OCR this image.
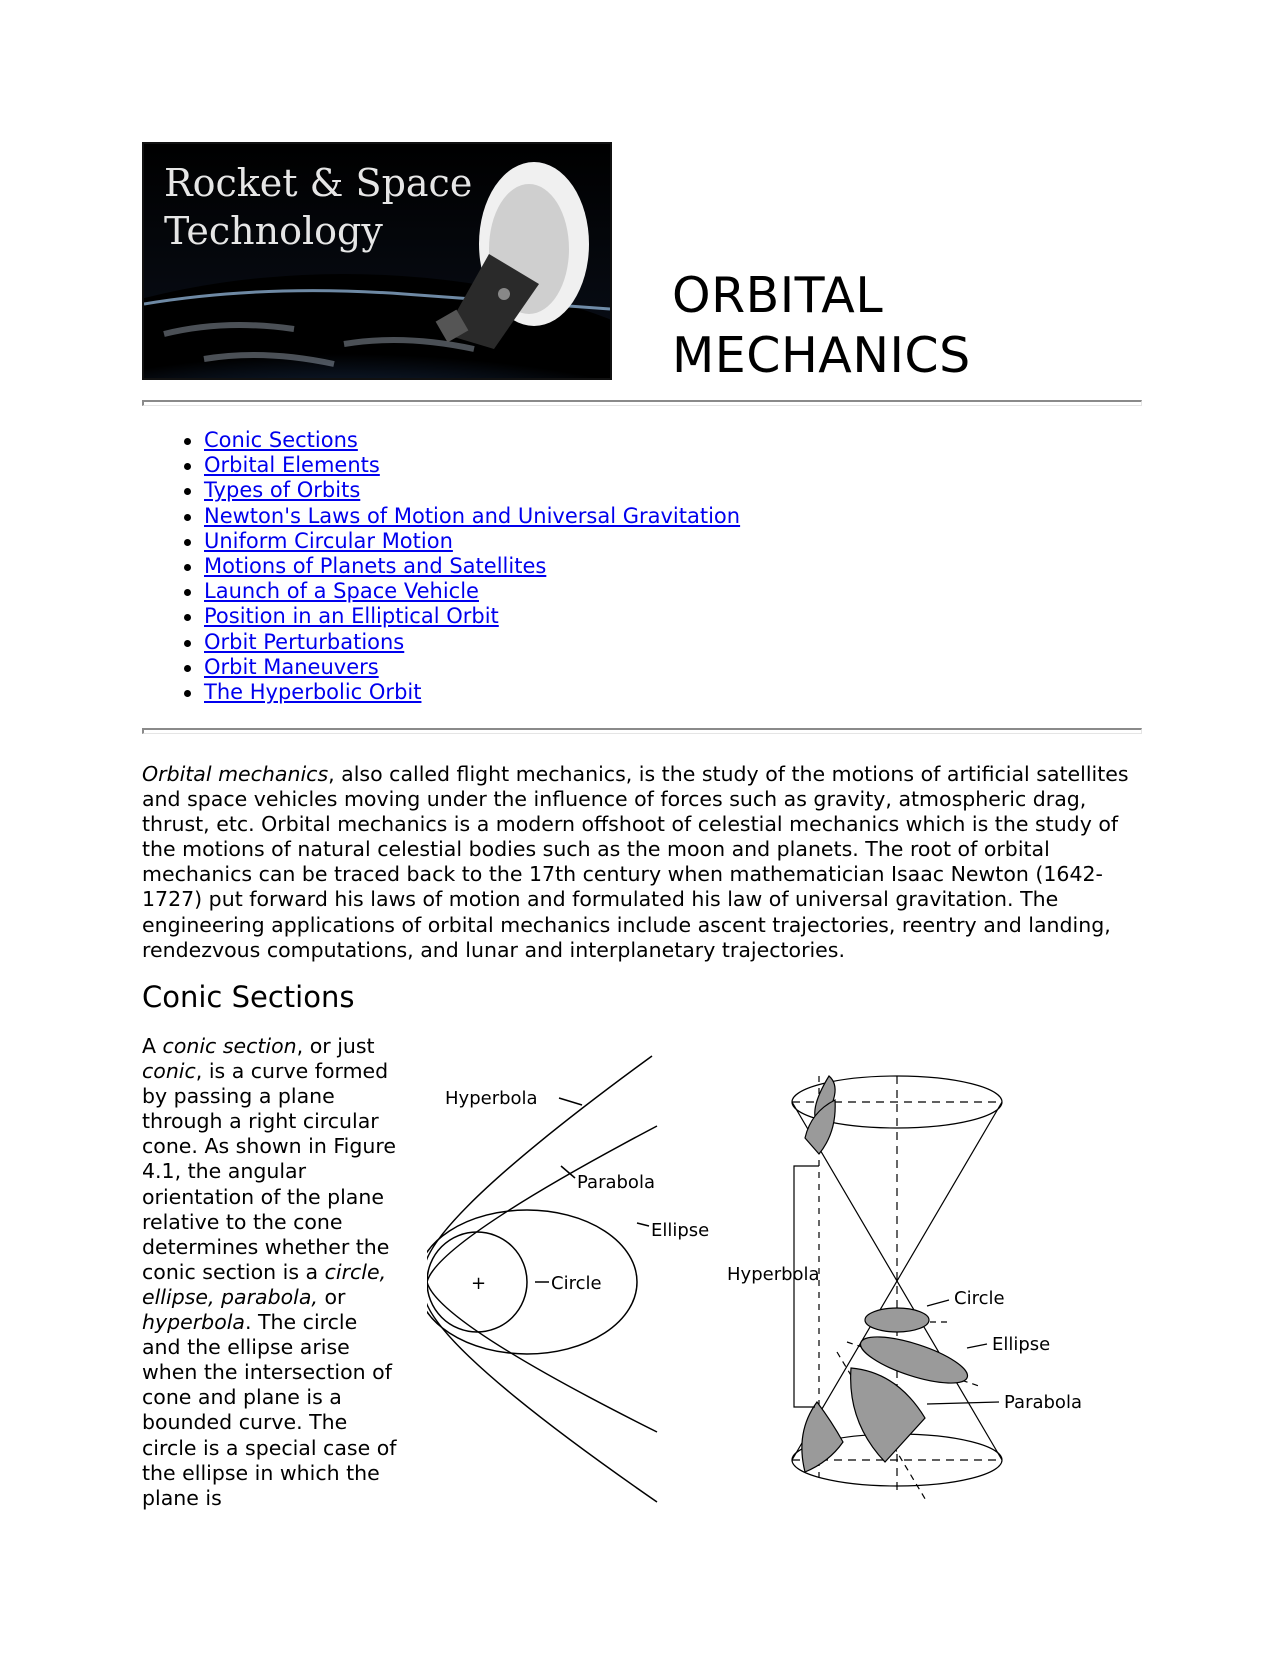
Rocket & Space
Technology
ORBITAL
MECHANICS
Conic Sections
Orbital Elements
Types of Orbits
Newton's Laws of Motion and Universal Gravitation
Uniform Circular Motion
Motions of Planets and Satellites
Launch of a Space Vehicle
Position in an Elliptical Orbit
Orbit Perturbations
Orbit Maneuvers
The Hyperbolic Orbit

Orbital mechanics, also called flight mechanics, is the study of the motions of artificial satellites and space vehicles moving under the influence of forces such as gravity, atmospheric drag, thrust, etc. Orbital mechanics is a modern offshoot of celestial mechanics which is the study of the motions of natural celestial bodies such as the moon and planets. The root of orbital mechanics can be traced back to the 17th century when mathematician Isaac Newton (1642-1727) put forward his laws of motion and formulated his law of universal gravitation. The engineering applications of orbital mechanics include ascent trajectories, reentry and landing, rendezvous computations, and lunar and interplanetary trajectories.

Conic Sections

A conic section, or just conic, is a curve formed by passing a plane through a right circular cone. As shown in Figure 4.1, the angular orientation of the plane relative to the cone determines whether the conic section is a circle, ellipse, parabola, or hyperbola. The circle and the ellipse arise when the intersection of cone and plane is a bounded curve. The circle is a special case of the ellipse in which the plane is

Hyperbola
Parabola
Ellipse
Circle
+	Hyperbola
Circle
Ellipse
Parabola
